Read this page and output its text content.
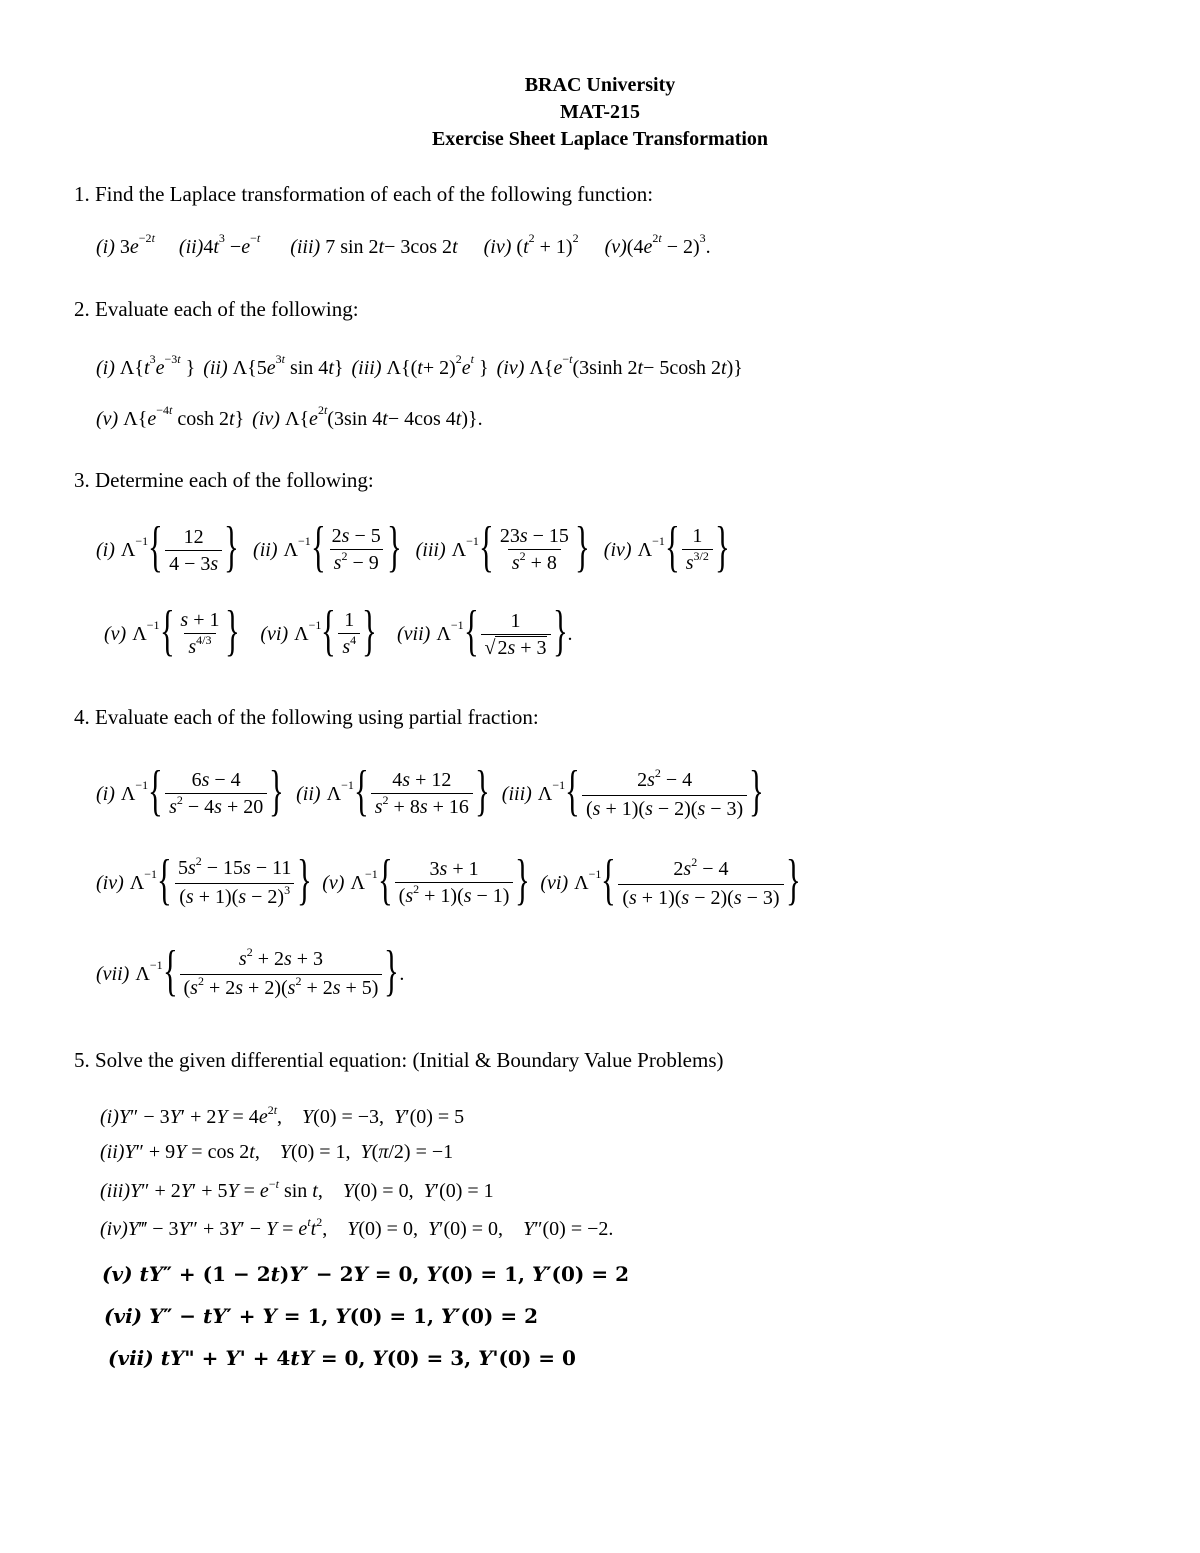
BRAC University
MAT-215
Exercise Sheet Laplace Transformation
1. Find the Laplace transformation of each of the following function:
(i) 3 $e^{-2t}$ (ii) 4 $t^3 - e^{-t}$ (iii) 7 sin 2 t − 3cos 2 t (iv) ( $t^2 + 1)^2$ (v) (4 $e^{2t} - 2)^3$ .
2. Evaluate each of the following:
(i) Λ{ $t^3$ $e^{-3t}$ } (ii) Λ{5 $e^{3t}$ sin 4 t } (iii) Λ{( t + 2)$^2$ e $^t$ } (iv) Λ{ $e^{-t}$ (3sinh 2 t − 5cosh 2 t )}
(v) Λ{ $e^{-4t}$ cosh 2 t } (iv) Λ{ $e^{2t}$ (3sin 4 t − 4cos 4 t )}.
3. Determine each of the following:
(i) $\Lambda^{-1}$ { $\frac{12}{4 - 3s}$ } (ii) $\Lambda^{-1}$ { $\frac{2s - 5}{s^2 - 9}$ } (iii) $\Lambda^{-1}$ { $\frac{23s - 15}{s^2 + 8}$ } (iv) $\Lambda^{-1}$ { $\frac{1}{s^{3/2}}$ }
(v) $\Lambda^{-1}$ { $\frac{s + 1}{s^{4/3}}$ } (vi) $\Lambda^{-1}$ { $\frac{1}{s^4}$ } (vii) $\Lambda^{-1}$ { $\frac{1}{√ 2s + 3}$ } .
4. Evaluate each of the following using partial fraction:
(i) $\Lambda^{-1}$ { $\frac{6s - 4}{s^2 - 4s + 20}$ } (ii) $\Lambda^{-1}$ { $\frac{4s + 12}{s^2 + 8s + 16}$ } (iii) $\Lambda^{-1}$ { $\frac{2s^2 - 4}{(s + 1)(s - 2)(s - 3)}$ }
(iv) $\Lambda^{-1}$ { $\frac{5s^2 - 15s - 11}{(s + 1)(s - 2)^3}$ } (v) $\Lambda^{-1}$ { $\frac{3s + 1}{(s^2 + 1)(s - 1)}$ } (vi) $\Lambda^{-1}$ { $\frac{2s^2 - 4}{(s + 1)(s - 2)(s - 3)}$ }
(vii) $\Lambda^{-1}$ { $\frac{s^2 + 2s + 3}{(s^2 + 2s + 2)(s^2 + 2s + 5)}$ } .
5. Solve the given differential equation: (Initial & Boundary Value Problems)
$(i)Y'' - 3Y' + 2Y = 4e^{2t}$,    Y(0) = −3,  Y′(0) = 5
(ii)Y″ + 9Y = cos 2t,    Y(0) = 1,  Y(π/2) = −1
$(iii)Y'' + 2Y' + 5Y = e^{-t}$ sin t,    Y(0) = 0,  Y′(0) = 1
(iv)Y‴ − $3Y'' + 3Y' - Y = e^tt^2$,    Y(0) = 0,  Y′(0) = 0,    Y″(0) = −2.
(v) tY″ + (1 − 2t)Y′ − 2Y = 0, Y(0) = 1, Y′(0) = 2
(vi) Y″ − tY′ + Y = 1, Y(0) = 1, Y′(0) = 2
(vii) tY" + Y' + 4tY = 0, Y(0) = 3, Y'(0) = 0
